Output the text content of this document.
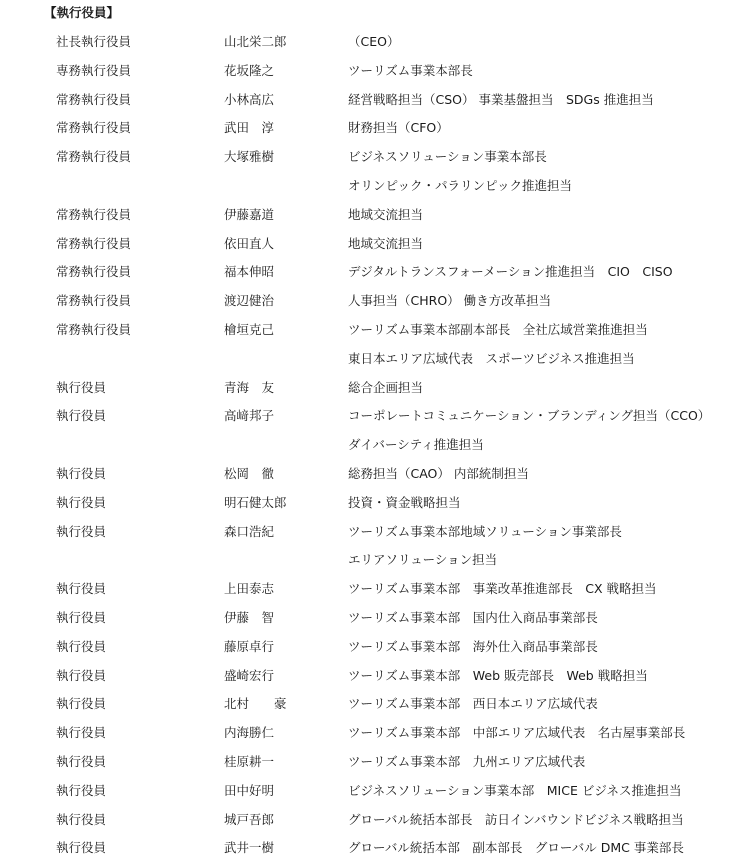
【執行役員】
社長執行役員	山北栄二郎	（CEO）
専務執行役員	花坂隆之	ツーリズム事業本部長
常務執行役員	小林高広	経営戦略担当（CSO） 事業基盤担当　SDGs 推進担当
常務執行役員	武田　淳	財務担当（CFO）
常務執行役員	大塚雅樹	ビジネスソリューション事業本部長
オリンピック・パラリンピック推進担当
常務執行役員	伊藤嘉道	地域交流担当
常務執行役員	依田直人	地域交流担当
常務執行役員	福本伸昭	デジタルトランスフォーメーション推進担当　CIO　CISO
常務執行役員	渡辺健治	人事担当（CHRO） 働き方改革担当
常務執行役員	檜垣克己	ツーリズム事業本部副本部長　全社広域営業推進担当
東日本エリア広域代表　スポーツビジネス推進担当
執行役員	青海　友	総合企画担当
執行役員	高﨑邦子	コーポレートコミュニケーション・ブランディング担当（CCO）
ダイバーシティ推進担当
執行役員	松岡　徹	総務担当（CAO） 内部統制担当
執行役員	明石健太郎	投資・資金戦略担当
執行役員	森口浩紀	ツーリズム事業本部地域ソリューション事業部長
エリアソリューション担当
執行役員	上田泰志	ツーリズム事業本部　事業改革推進部長　CX 戦略担当
執行役員	伊藤　智	ツーリズム事業本部　国内仕入商品事業部長
執行役員	藤原卓行	ツーリズム事業本部　海外仕入商品事業部長
執行役員	盛崎宏行	ツーリズム事業本部　Web 販売部長　Web 戦略担当
執行役員	北村　　豪	ツーリズム事業本部　西日本エリア広域代表
執行役員	内海勝仁	ツーリズム事業本部　中部エリア広域代表　名古屋事業部長
執行役員	桂原耕一	ツーリズム事業本部　九州エリア広域代表
執行役員	田中好明	ビジネスソリューション事業本部　MICE ビジネス推進担当
執行役員	城戸吾郎	グローバル統括本部長　訪日インバウンドビジネス戦略担当
執行役員	武井一樹	グローバル統括本部　副本部長　グローバル DMC 事業部長
